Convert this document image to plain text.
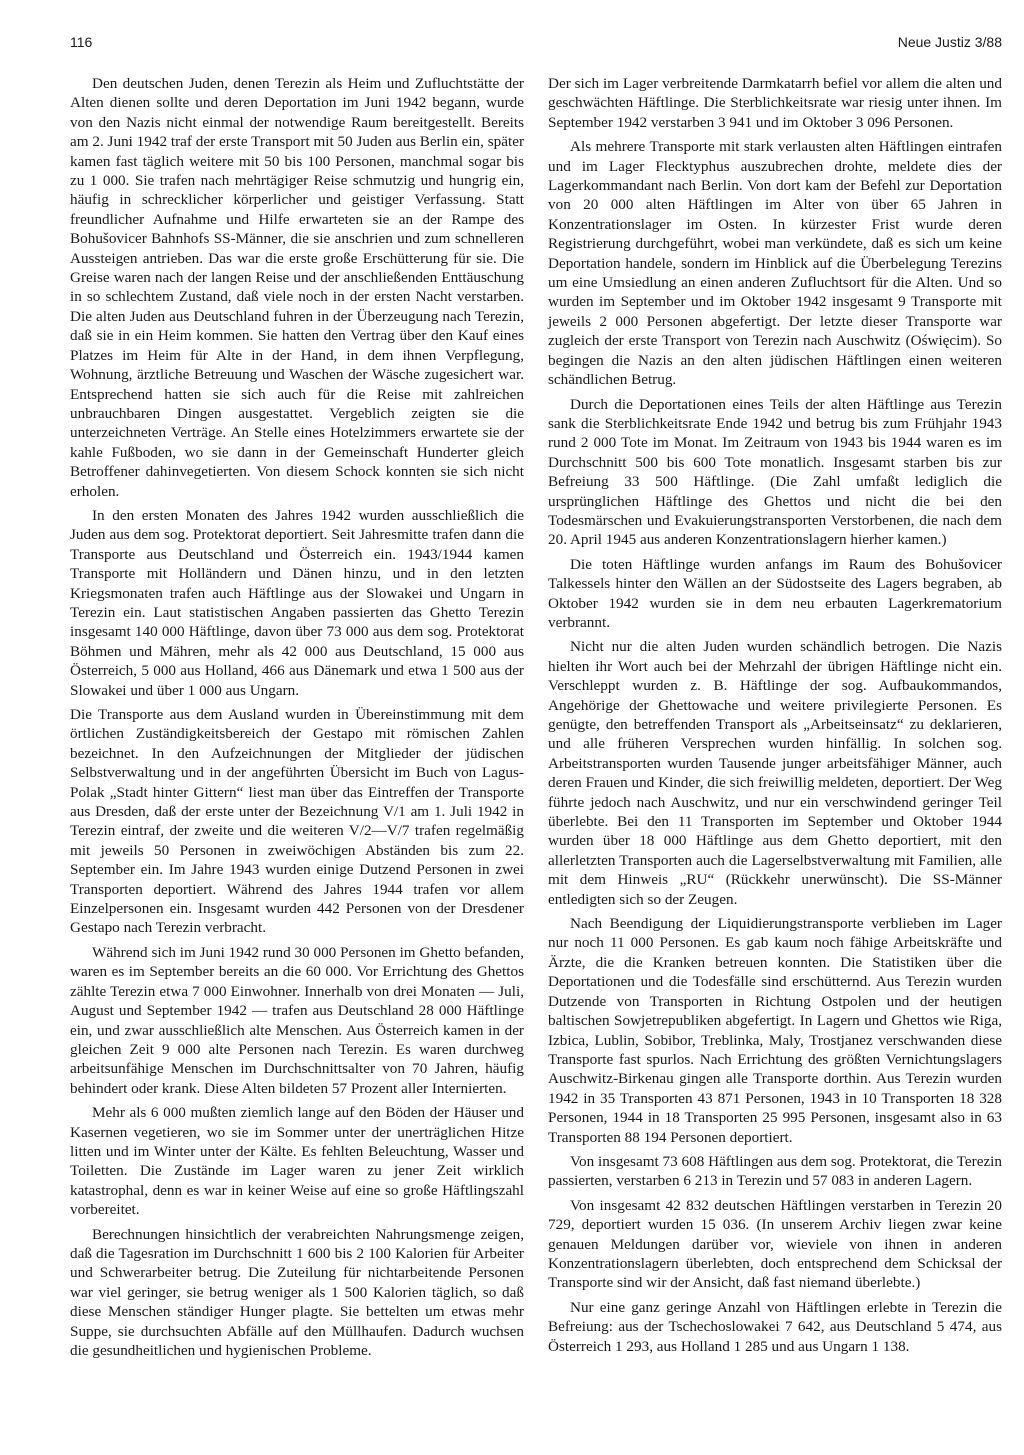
116	Neue Justiz 3/88

Den deutschen Juden, denen Terezin als Heim und Zufluchtstätte der Alten dienen sollte und deren Deportation im Juni 1942 begann, wurde von den Nazis nicht einmal der notwendige Raum bereitgestellt. Bereits am 2. Juni 1942 traf der erste Transport mit 50 Juden aus Berlin ein, später kamen fast täglich weitere mit 50 bis 100 Personen, manchmal sogar bis zu 1 000. Sie trafen nach mehrtägiger Reise schmutzig und hungrig ein, häufig in schrecklicher körperlicher und geistiger Verfassung. Statt freundlicher Aufnahme und Hilfe erwarteten sie an der Rampe des Bohušovicer Bahnhofs SS-Männer, die sie anschrien und zum schnelleren Aussteigen antrieben. Das war die erste große Erschütterung für sie. Die Greise waren nach der langen Reise und der anschließenden Enttäuschung in so schlechtem Zustand, daß viele noch in der ersten Nacht verstarben. Die alten Juden aus Deutschland fuhren in der Überzeugung nach Terezin, daß sie in ein Heim kommen. Sie hatten den Vertrag über den Kauf eines Platzes im Heim für Alte in der Hand, in dem ihnen Verpflegung, Wohnung, ärztliche Betreuung und Waschen der Wäsche zugesichert war. Entsprechend hatten sie sich auch für die Reise mit zahlreichen unbrauchbaren Dingen ausgestattet. Vergeblich zeigten sie die unterzeichneten Verträge. An Stelle eines Hotelzimmers erwartete sie der kahle Fußboden, wo sie dann in der Gemeinschaft Hunderter gleich Betroffener dahinvegetierten. Von diesem Schock konnten sie sich nicht erholen.

In den ersten Monaten des Jahres 1942 wurden ausschließlich die Juden aus dem sog. Protektorat deportiert. Seit Jahresmitte trafen dann die Transporte aus Deutschland und Österreich ein. 1943/1944 kamen Transporte mit Holländern und Dänen hinzu, und in den letzten Kriegsmonaten trafen auch Häftlinge aus der Slowakei und Ungarn in Terezin ein. Laut statistischen Angaben passierten das Ghetto Terezin insgesamt 140 000 Häftlinge, davon über 73 000 aus dem sog. Protektorat Böhmen und Mähren, mehr als 42 000 aus Deutschland, 15 000 aus Österreich, 5 000 aus Holland, 466 aus Dänemark und etwa 1 500 aus der Slowakei und über 1 000 aus Ungarn.

Die Transporte aus dem Ausland wurden in Übereinstimmung mit dem örtlichen Zuständigkeitsbereich der Gestapo mit römischen Zahlen bezeichnet. In den Aufzeichnungen der Mitglieder der jüdischen Selbstverwaltung und in der angeführten Übersicht im Buch von Lagus-Polak „Stadt hinter Gittern“ liest man über das Eintreffen der Transporte aus Dresden, daß der erste unter der Bezeichnung V/1 am 1. Juli 1942 in Terezin eintraf, der zweite und die weiteren V/2—V/7 trafen regelmäßig mit jeweils 50 Personen in zweiwöchigen Abständen bis zum 22. September ein. Im Jahre 1943 wurden einige Dutzend Personen in zwei Transporten deportiert. Während des Jahres 1944 trafen vor allem Einzelpersonen ein. Insgesamt wurden 442 Personen von der Dresdener Gestapo nach Terezin verbracht.

Während sich im Juni 1942 rund 30 000 Personen im Ghetto befanden, waren es im September bereits an die 60 000. Vor Errichtung des Ghettos zählte Terezin etwa 7 000 Einwohner. Innerhalb von drei Monaten — Juli, August und September 1942 — trafen aus Deutschland 28 000 Häftlinge ein, und zwar ausschließlich alte Menschen. Aus Österreich kamen in der gleichen Zeit 9 000 alte Personen nach Terezin. Es waren durchweg arbeitsunfähige Menschen im Durchschnittsalter von 70 Jahren, häufig behindert oder krank. Diese Alten bildeten 57 Prozent aller Internierten.

Mehr als 6 000 mußten ziemlich lange auf den Böden der Häuser und Kasernen vegetieren, wo sie im Sommer unter der unerträglichen Hitze litten und im Winter unter der Kälte. Es fehlten Beleuchtung, Wasser und Toiletten. Die Zustände im Lager waren zu jener Zeit wirklich katastrophal, denn es war in keiner Weise auf eine so große Häftlingszahl vorbereitet.

Berechnungen hinsichtlich der verabreichten Nahrungsmenge zeigen, daß die Tagesration im Durchschnitt 1 600 bis 2 100 Kalorien für Arbeiter und Schwerarbeiter betrug. Die Zuteilung für nichtarbeitende Personen war viel geringer, sie betrug weniger als 1 500 Kalorien täglich, so daß diese Menschen ständiger Hunger plagte. Sie bettelten um etwas mehr Suppe, sie durchsuchten Abfälle auf den Müllhaufen. Dadurch wuchsen die gesundheitlichen und hygienischen Probleme.

Der sich im Lager verbreitende Darmkatarrh befiel vor allem die alten und geschwächten Häftlinge. Die Sterblichkeitsrate war riesig unter ihnen. Im September 1942 verstarben 3 941 und im Oktober 3 096 Personen.

Als mehrere Transporte mit stark verlausten alten Häftlingen eintrafen und im Lager Flecktyphus auszubrechen drohte, meldete dies der Lagerkommandant nach Berlin. Von dort kam der Befehl zur Deportation von 20 000 alten Häftlingen im Alter von über 65 Jahren in Konzentrationslager im Osten. In kürzester Frist wurde deren Registrierung durchgeführt, wobei man verkündete, daß es sich um keine Deportation handele, sondern im Hinblick auf die Überbelegung Terezins um eine Umsiedlung an einen anderen Zufluchtsort für die Alten. Und so wurden im September und im Oktober 1942 insgesamt 9 Transporte mit jeweils 2 000 Personen abgefertigt. Der letzte dieser Transporte war zugleich der erste Transport von Terezin nach Auschwitz (Oświęcim). So begingen die Nazis an den alten jüdischen Häftlingen einen weiteren schändlichen Betrug.

Durch die Deportationen eines Teils der alten Häftlinge aus Terezin sank die Sterblichkeitsrate Ende 1942 und betrug bis zum Frühjahr 1943 rund 2 000 Tote im Monat. Im Zeitraum von 1943 bis 1944 waren es im Durchschnitt 500 bis 600 Tote monatlich. Insgesamt starben bis zur Befreiung 33 500 Häftlinge. (Die Zahl umfaßt lediglich die ursprünglichen Häftlinge des Ghettos und nicht die bei den Todesmärschen und Evakuierungstransporten Verstorbenen, die nach dem 20. April 1945 aus anderen Konzentrationslagern hierher kamen.)

Die toten Häftlinge wurden anfangs im Raum des Bohušovicer Talkessels hinter den Wällen an der Südostseite des Lagers begraben, ab Oktober 1942 wurden sie in dem neu erbauten Lagerkrematorium verbrannt.

Nicht nur die alten Juden wurden schändlich betrogen. Die Nazis hielten ihr Wort auch bei der Mehrzahl der übrigen Häftlinge nicht ein. Verschleppt wurden z. B. Häftlinge der sog. Aufbaukommandos, Angehörige der Ghettowache und weitere privilegierte Personen. Es genügte, den betreffenden Transport als „Arbeitseinsatz“ zu deklarieren, und alle früheren Versprechen wurden hinfällig. In solchen sog. Arbeitstransporten wurden Tausende junger arbeitsfähiger Männer, auch deren Frauen und Kinder, die sich freiwillig meldeten, deportiert. Der Weg führte jedoch nach Auschwitz, und nur ein verschwindend geringer Teil überlebte. Bei den 11 Transporten im September und Oktober 1944 wurden über 18 000 Häftlinge aus dem Ghetto deportiert, mit den allerletzten Transporten auch die Lagerselbstverwaltung mit Familien, alle mit dem Hinweis „RU“ (Rückkehr unerwünscht). Die SS-Männer entledigten sich so der Zeugen.

Nach Beendigung der Liquidierungstransporte verblieben im Lager nur noch 11 000 Personen. Es gab kaum noch fähige Arbeitskräfte und Ärzte, die die Kranken betreuen konnten. Die Statistiken über die Deportationen und die Todesfälle sind erschütternd. Aus Terezin wurden Dutzende von Transporten in Richtung Ostpolen und der heutigen baltischen Sowjetrepubliken abgefertigt. In Lagern und Ghettos wie Riga, Izbica, Lublin, Sobibor, Treblinka, Maly, Trostjanez verschwanden diese Transporte fast spurlos. Nach Errichtung des größten Vernichtungslagers Auschwitz-Birkenau gingen alle Transporte dorthin. Aus Terezin wurden 1942 in 35 Transporten 43 871 Personen, 1943 in 10 Transporten 18 328 Personen, 1944 in 18 Transporten 25 995 Personen, insgesamt also in 63 Transporten 88 194 Personen deportiert.

Von insgesamt 73 608 Häftlingen aus dem sog. Protektorat, die Terezin passierten, verstarben 6 213 in Terezin und 57 083 in anderen Lagern.

Von insgesamt 42 832 deutschen Häftlingen verstarben in Terezin 20 729, deportiert wurden 15 036. (In unserem Archiv liegen zwar keine genauen Meldungen darüber vor, wieviele von ihnen in anderen Konzentrationslagern überlebten, doch entsprechend dem Schicksal der Transporte sind wir der Ansicht, daß fast niemand überlebte.)

Nur eine ganz geringe Anzahl von Häftlingen erlebte in Terezin die Befreiung: aus der Tschechoslowakei 7 642, aus Deutschland 5 474, aus Österreich 1 293, aus Holland 1 285 und aus Ungarn 1 138.
